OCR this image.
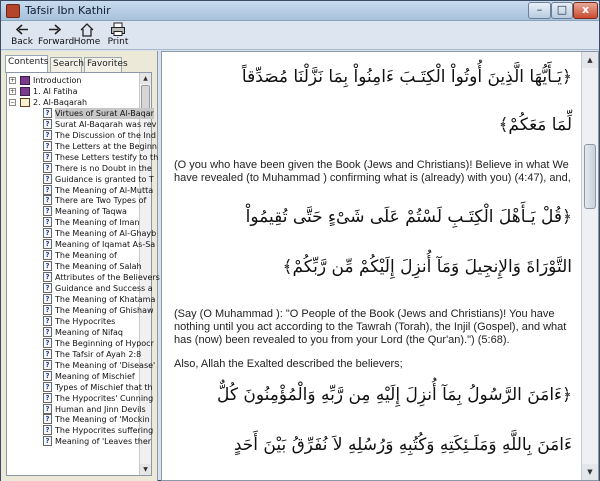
Tafsir Ibn Kathir	–	□	x
Back Forward Home Print
Contents Search Favorites
▲
▼
+ Introduction
+ 1. Al Fatiha
− 2. Al-Baqarah
? Virtues of Surat Al-Baqar
? Surat Al-Baqarah was rev
? The Discussion of the Ind
? The Letters at the Beginn
? These Letters testify to th
? There is no Doubt in the
? Guidance is granted to T
? The Meaning of Al-Mutta
? There are Two Types of
? Meaning of Taqwa
? The Meaning of Iman
? The Meaning of Al-Ghayb
? Meaning of Iqamat As-Sa
? The Meaning of
? The Meaning of Salah
? Attributes of the Believers
? Guidance and Success a
? The Meaning of Khatama
? The Meaning of Ghishaw
? The Hypocrites
? Meaning of Nifaq
? The Beginning of Hypocr
? The Tafsir of Ayah 2:8
? The Meaning of 'Disease'
? Meaning of Mischief
? Types of Mischief that th
? The Hypocrites' Cunning
? Human and Jinn Devils
? The Meaning of 'Mockin
? The Hypocrites suffering
? Meaning of 'Leaves ther
﴿يَـأَيُّهَا الَّذِينَ أُوتُواْ الْكِتَـبَ ءَامِنُواْ بِمَا نَزَّلْنَا مُصَدِّقاً
لِّمَا مَعَكُمْ﴾
(O you who have been given the Book (Jews and Christians)! Believe in what We have revealed (to Muhammad ) confirming what is (already) with you) (4:47), and,
﴿قُلْ يَـأَهْلَ الْكِتَـبِ لَسْتُمْ عَلَى شَىْءٍ حَتَّى تُقِيمُواْ
التَّوْرَاةَ وَالإِنجِيلَ وَمَآ أُنزِلَ إِلَيْكُمْ مِّن رَّبِّكُمْ﴾
(Say (O Muhammad ): "O People of the Book (Jews and Christians)! You have nothing until you act according to the Tawrah (Torah), the Injil (Gospel), and what has (now) been revealed to you from your Lord (the Qur'an).") (5:68).
Also, Allah the Exalted described the believers;
﴿ءَامَنَ الرَّسُولُ بِمَآ أُنزِلَ إِلَيْهِ مِن رَّبِّهِ وَالْمُؤْمِنُونَ كُلٌّ
ءَامَنَ بِاللَّهِ وَمَلَـئِكَتِهِ وَكُتُبِهِ وَرُسُلِهِ لاَ نُفَرِّقُ بَيْنَ أَحَدٍ
▲
▼
